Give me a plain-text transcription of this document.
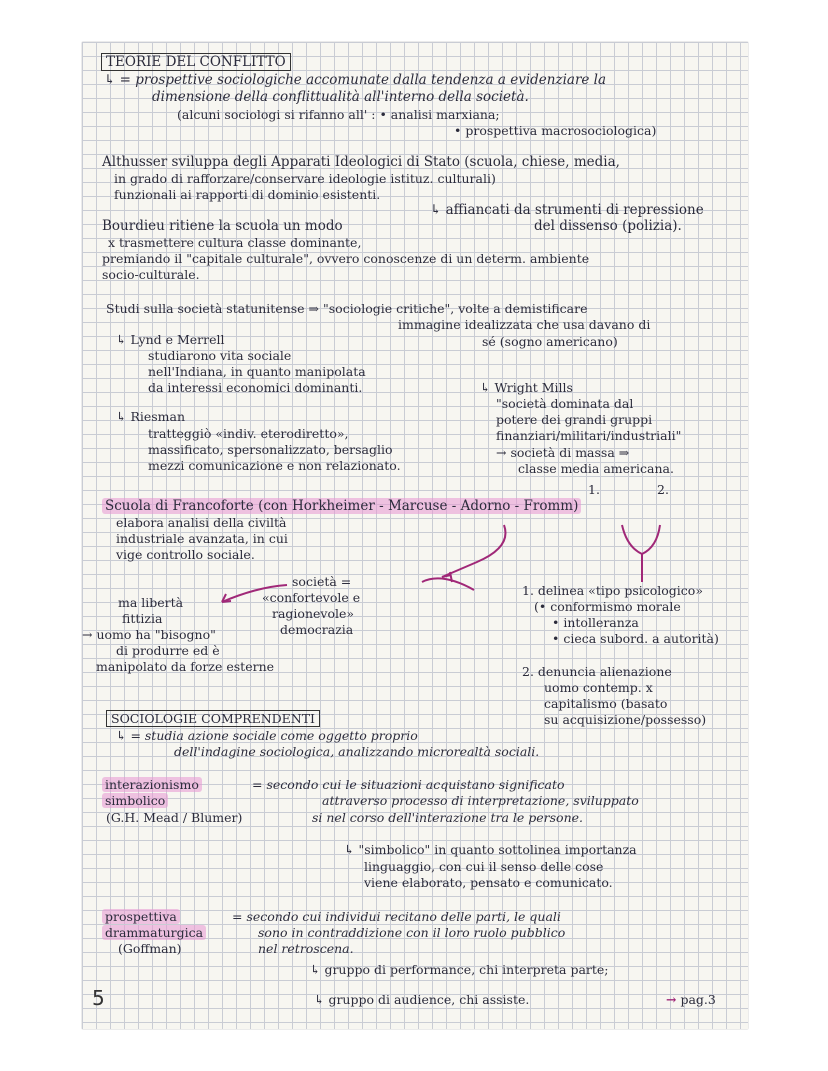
TEORIE DEL CONFLITTO
↳ = prospettive sociologiche accomunate dalla tendenza a evidenziare la
dimensione della conflittualità all'interno della società.
(alcuni sociologi si rifanno all' : • analisi marxiana;
• prospettiva macrosociologica)
Althusser sviluppa degli Apparati Ideologici di Stato (scuola, chiese, media,
in grado di rafforzare/conservare ideologie istituz. culturali)
funzionali ai rapporti di dominio esistenti.
↳ affiancati da strumenti di repressione
del dissenso (polizia).
Bourdieu ritiene la scuola un modo
x trasmettere cultura classe dominante,
premiando il "capitale culturale", ovvero conoscenze di un determ. ambiente
socio-culturale.
Studi sulla società statunitense ⇒ "sociologie critiche", volte a demistificare
immagine idealizzata che usa davano di
sé (sogno americano)
↳ Lynd e Merrell
studiarono vita sociale
nell'Indiana, in quanto manipolata
da interessi economici dominanti.	↳ Wright Mills
"società dominata dal
potere dei grandi gruppi
finanziari/militari/industriali"
→ società di massa ⇒
classe media americana.
↳ Riesman
tratteggiò «indiv. eterodiretto»,
massificato, spersonalizzato, bersaglio
mezzi comunicazione e non relazionato.
1.	2.
Scuola di Francoforte (con Horkheimer - Marcuse - Adorno - Fromm)
elabora analisi della civiltà
industriale avanzata, in cui
vige controllo sociale.
società =
«confortevole e
ragionevole»
democrazia
ma libertà
fittizia
→ uomo ha "bisogno"
di produrre ed è
manipolato da forze esterne
1. delinea «tipo psicologico»
(• conformismo morale
• intolleranza
• cieca subord. a autorità)
2. denuncia alienazione
uomo contemp. x
capitalismo (basato
su acquisizione/possesso)
SOCIOLOGIE COMPRENDENTI
↳ = studia azione sociale come oggetto proprio
dell'indagine sociologica, analizzando microrealtà sociali.
interazionismo
simbolico
(G.H. Mead / Blumer)
= secondo cui le situazioni acquistano significato
attraverso processo di interpretazione, sviluppato
si nel corso dell'interazione tra le persone.
↳ "simbolico" in quanto sottolinea importanza
linguaggio, con cui il senso delle cose
viene elaborato, pensato e comunicato.
prospettiva
drammaturgica
(Goffman)
= secondo cui individui recitano delle parti, le quali
sono in contraddizione con il loro ruolo pubblico
nel retroscena.
↳ gruppo di performance, chi interpreta parte;
↳ gruppo di audience, chi assiste.	→ pag.3
5
